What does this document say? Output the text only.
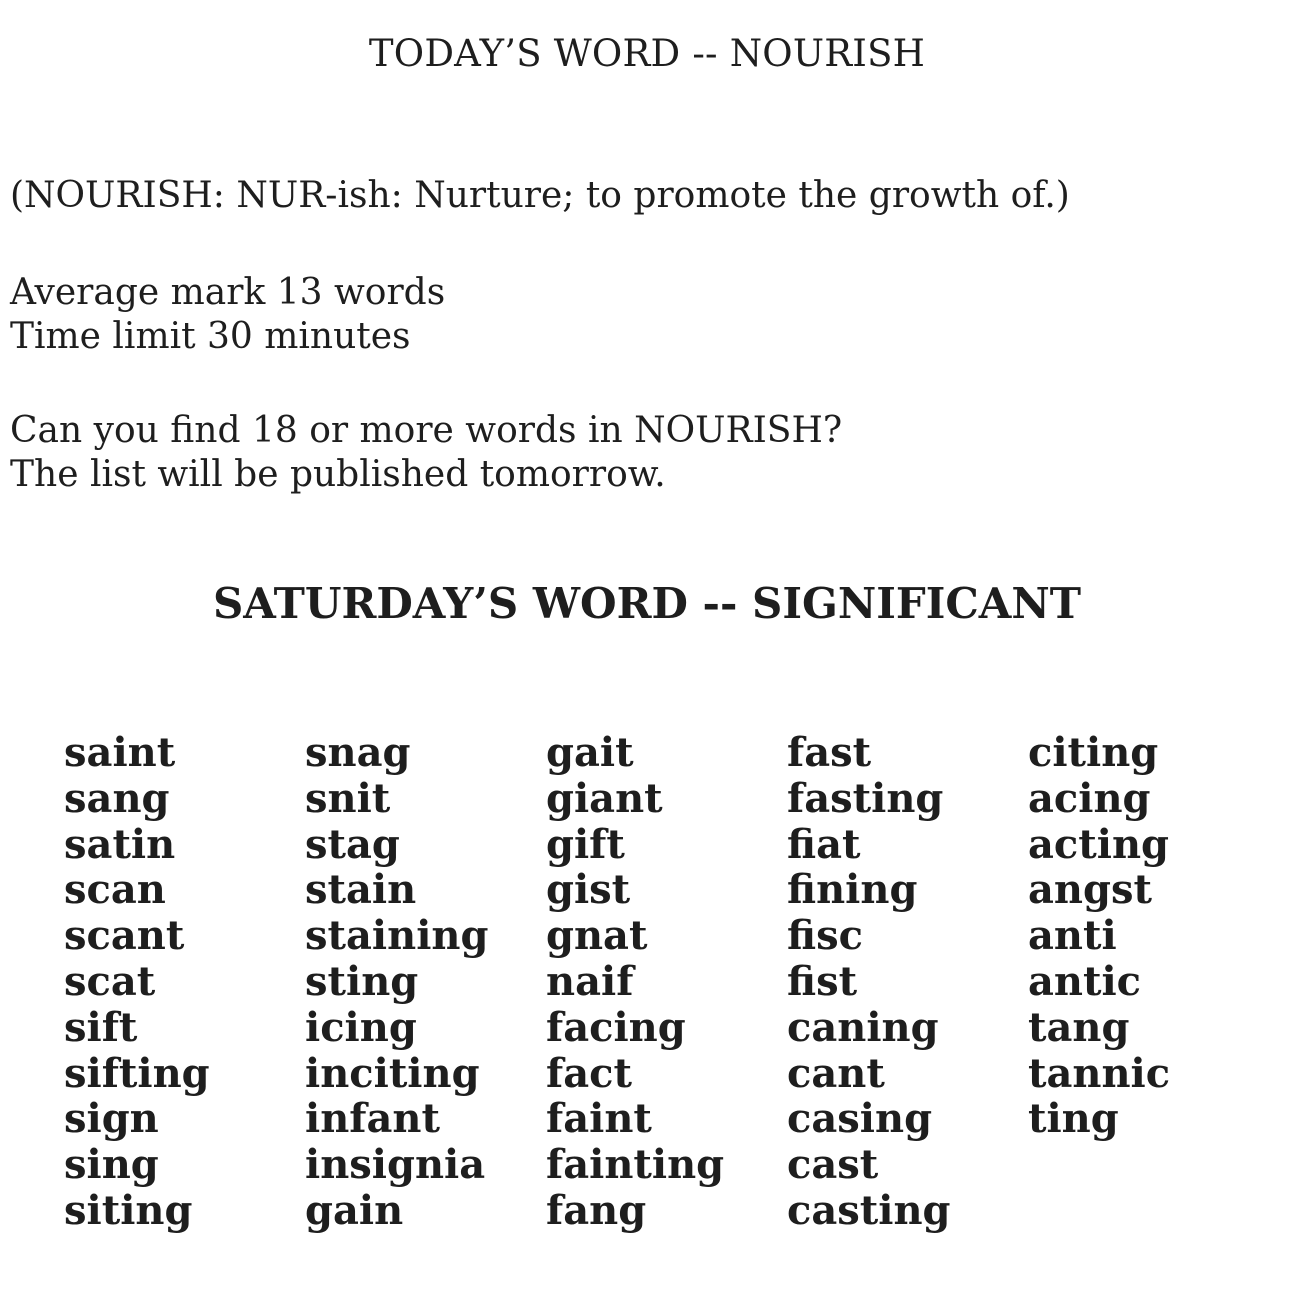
TODAY’S WORD -- NOURISH
(NOURISH: NUR-ish: Nurture; to promote the growth of.)
Average mark 13 words
Time limit 30 minutes
Can you find 18 or more words in NOURISH?
The list will be published tomorrow.
SATURDAY’S WORD -- SIGNIFICANT
saint
sang
satin
scan
scant
scat
sift
sifting
sign
sing
siting
snag
snit
stag
stain
staining
sting
icing
inciting
infant
insignia
gain
gait
giant
gift
gist
gnat
naif
facing
fact
faint
fainting
fang
fast
fasting
fiat
fining
fisc
fist
caning
cant
casing
cast
casting
citing
acing
acting
angst
anti
antic
tang
tannic
ting
